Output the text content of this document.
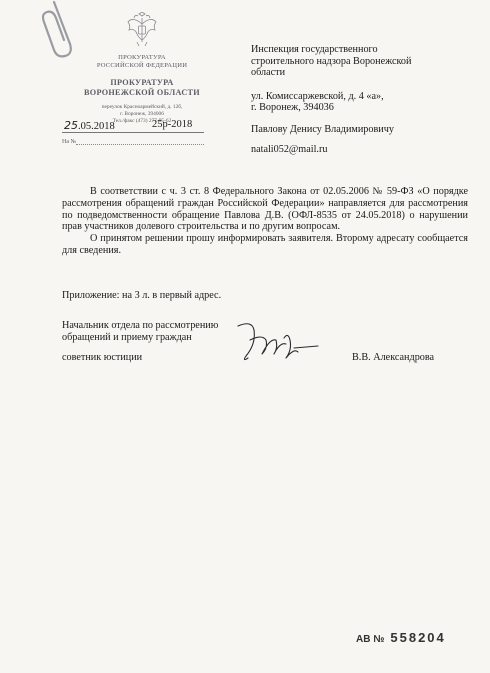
ПРОКУРАТУРА
РОССИЙСКОЙ ФЕДЕРАЦИИ
ПРОКУРАТУРА
ВОРОНЕЖСКОЙ ОБЛАСТИ
переулок Красноармейский, д. 12б,
г. Воронеж, 394006
Тел./факс (473) 277-95-62
25.05.2018	25р-2018
На №
Инспекция государственного
строительного надзора Воронежской
области
ул. Комиссаржевской, д. 4 «а»,
г. Воронеж, 394036
Павлову Денису Владимировичу
natali052@mail.ru

В соответствии с ч. 3 ст. 8 Федерального Закона от 02.05.2006 № 59-ФЗ «О порядке рассмотрения обращений граждан Российской Федерации» направляется для рассмотрения по подведомственности обращение Павлова Д.В. (ОФЛ-8535 от 24.05.2018) о нарушении прав участников долевого строительства и по другим вопросам.

О принятом решении прошу информировать заявителя. Второму адресату сообщается для сведения.

Приложение: на 3 л. в первый адрес.
Начальник отдела по рассмотрению
обращений и приему граждан
советник юстиции	В.В. Александрова
АВ № 558204
